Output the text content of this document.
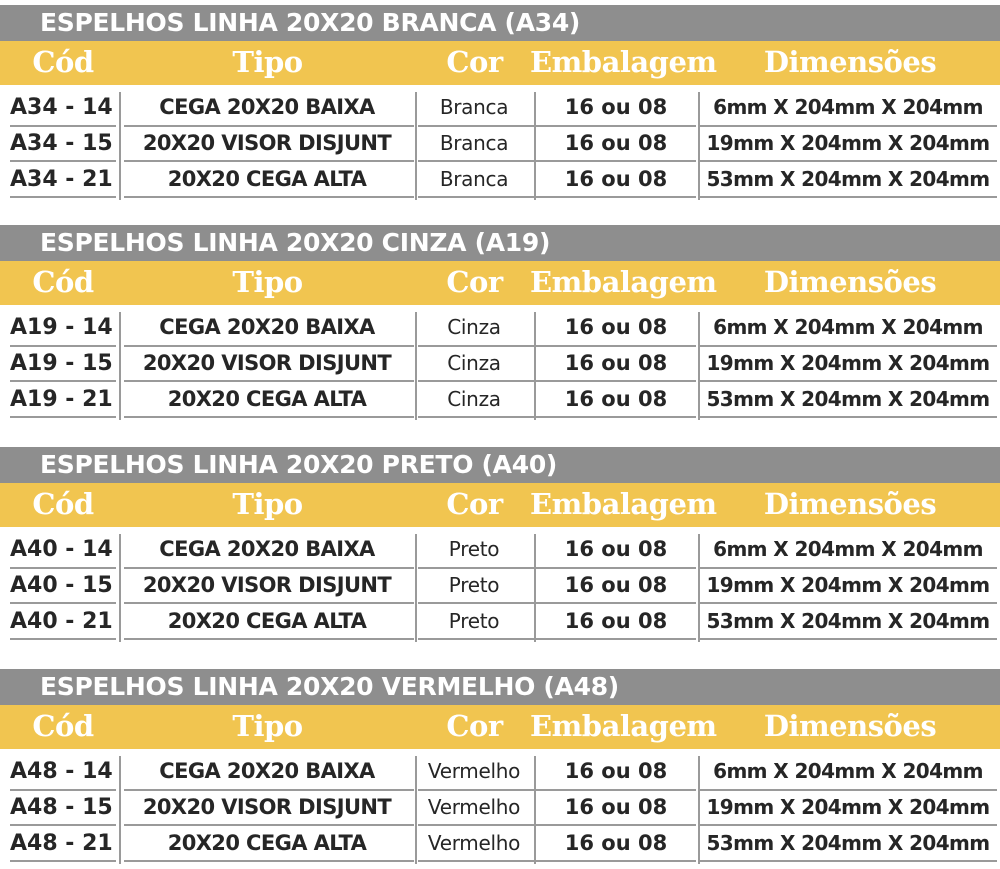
ESPELHOS LINHA 20X20 BRANCA (A34)
Cód	Tipo	Cor Embalagem	Dimensões
A34 - 14	CEGA 20X20 BAIXA	Branca	16 ou 08	6mm X 204mm X 204mm
A34 - 15	20X20 VISOR DISJUNT	Branca	16 ou 08	19mm X 204mm X 204mm
A34 - 21	20X20 CEGA ALTA	Branca	16 ou 08	53mm X 204mm X 204mm
ESPELHOS LINHA 20X20 CINZA (A19)
Cód	Tipo	Cor Embalagem	Dimensões
A19 - 14	CEGA 20X20 BAIXA	Cinza	16 ou 08	6mm X 204mm X 204mm
A19 - 15	20X20 VISOR DISJUNT	Cinza	16 ou 08	19mm X 204mm X 204mm
A19 - 21	20X20 CEGA ALTA	Cinza	16 ou 08	53mm X 204mm X 204mm
ESPELHOS LINHA 20X20 PRETO (A40)
Cód	Tipo	Cor Embalagem	Dimensões
A40 - 14	CEGA 20X20 BAIXA	Preto	16 ou 08	6mm X 204mm X 204mm
A40 - 15	20X20 VISOR DISJUNT	Preto	16 ou 08	19mm X 204mm X 204mm
A40 - 21	20X20 CEGA ALTA	Preto	16 ou 08	53mm X 204mm X 204mm
ESPELHOS LINHA 20X20 VERMELHO (A48)
Cód	Tipo	Cor Embalagem	Dimensões
A48 - 14	CEGA 20X20 BAIXA	Vermelho	16 ou 08	6mm X 204mm X 204mm
A48 - 15	20X20 VISOR DISJUNT	Vermelho	16 ou 08	19mm X 204mm X 204mm
A48 - 21	20X20 CEGA ALTA	Vermelho	16 ou 08	53mm X 204mm X 204mm
